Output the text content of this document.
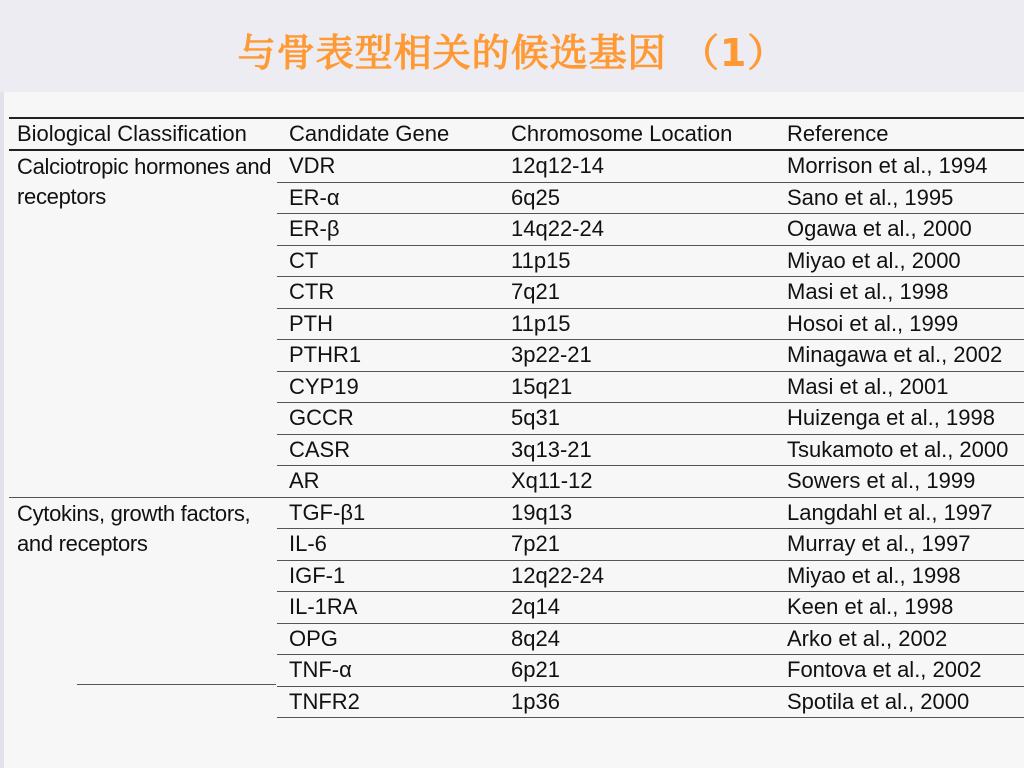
与骨表型相关的候选基因 （1）
Biological Classification	Candidate Gene	Chromosome Location	Reference
Calciotropic hormones and receptors	VDR	12q12-14	Morrison et al., 1994
	ER-α	6q25	Sano et al., 1995
	ER-β	14q22-24	Ogawa et al., 2000
	CT	11p15	Miyao et al., 2000
	CTR	7q21	Masi et al., 1998
	PTH	11p15	Hosoi et al., 1999
	PTHR1	3p22-21	Minagawa et al., 2002
	CYP19	15q21	Masi et al., 2001
	GCCR	5q31	Huizenga et al., 1998
	CASR	3q13-21	Tsukamoto et al., 2000
	AR	Xq11-12	Sowers et al., 1999
Cytokins, growth factors, and receptors	TGF-β1	19q13	Langdahl et al., 1997
	IL-6	7p21	Murray et al., 1997
	IGF-1	12q22-24	Miyao et al., 1998
	IL-1RA	2q14	Keen et al., 1998
	OPG	8q24	Arko et al., 2002
	TNF-α	6p21	Fontova et al., 2002
	TNFR2	1p36	Spotila et al., 2000
